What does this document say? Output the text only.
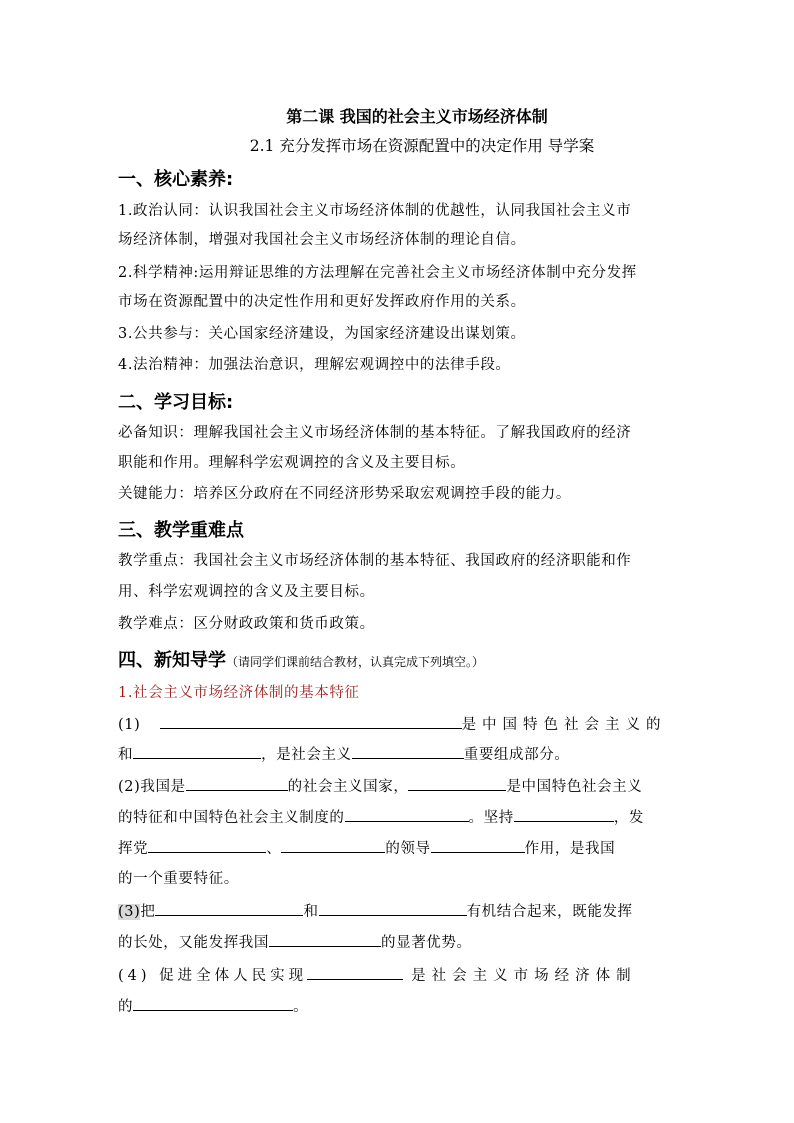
第二课 我国的社会主义市场经济体制
2.1 充分发挥市场在资源配置中的决定作用 导学案
一、核心素养:
1.政治认同：认识我国社会主义市场经济体制的优越性，认同我国社会主义市
场经济体制，增强对我国社会主义市场经济体制的理论自信。
2.科学精神:运用辩证思维的方法理解在完善社会主义市场经济体制中充分发挥
市场在资源配置中的决定性作用和更好发挥政府作用的关系。
3.公共参与：关心国家经济建设，为国家经济建设出谋划策。
4.法治精神：加强法治意识，理解宏观调控中的法律手段。
二、学习目标:
必备知识：理解我国社会主义市场经济体制的基本特征。了解我国政府的经济
职能和作用。理解科学宏观调控的含义及主要目标。
关键能力：培养区分政府在不同经济形势采取宏观调控手段的能力。
三、教学重难点
教学重点：我国社会主义市场经济体制的基本特征、我国政府的经济职能和作
用、科学宏观调控的含义及主要目标。
教学难点：区分财政政策和货币政策。
四、新知导学（请同学们课前结合教材，认真完成下列填空。）
1.社会主义市场经济体制的基本特征
(1)	是中国特色社会主义的
和	，是社会主义	重要组成部分。
(2)我国是	的社会主义国家，	是中国特色社会主义
的特征和中国特色社会主义制度的	。坚持	，发
挥党	、	的领导	作用，是我国
的一个重要特征。
(3)把	和	有机结合起来，既能发挥
的长处，又能发挥我国	的显著优势。
(4) 促进全体人民实现	是社会主义市场经济体制
的	。
